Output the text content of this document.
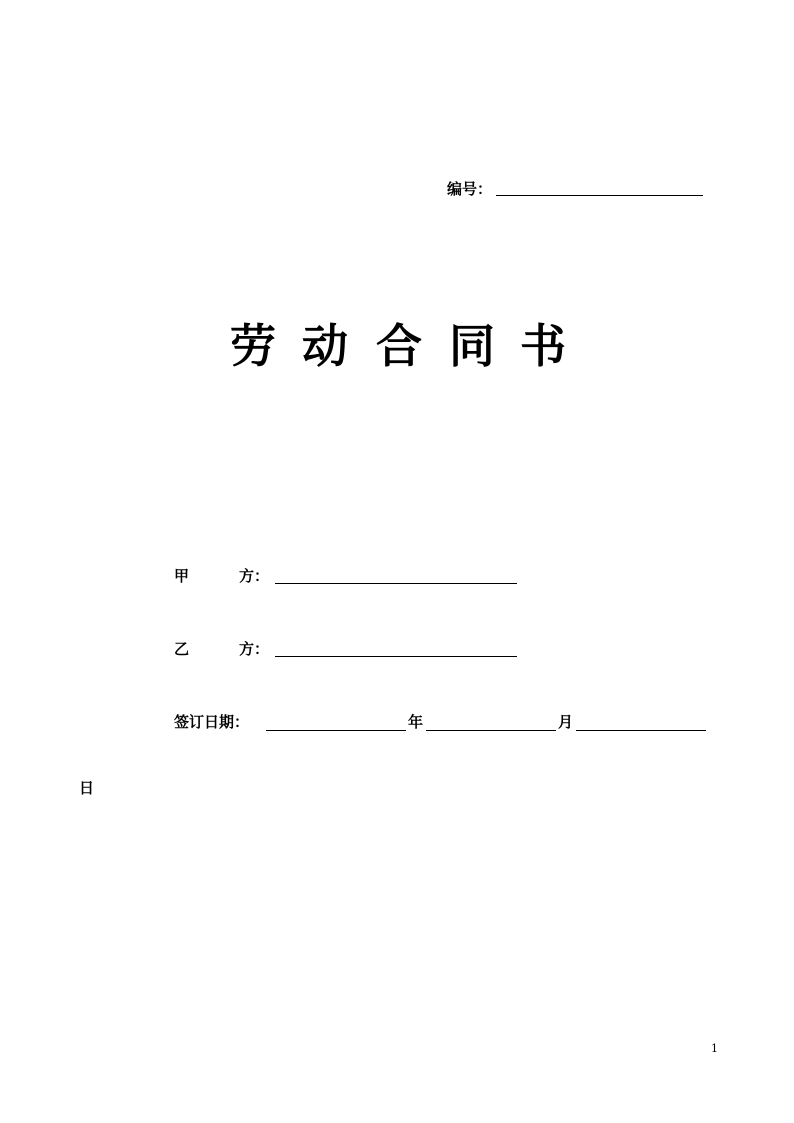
编号：
劳 动 合 同 书
甲	方：
乙	方：
签订日期：	年	月
日
1
